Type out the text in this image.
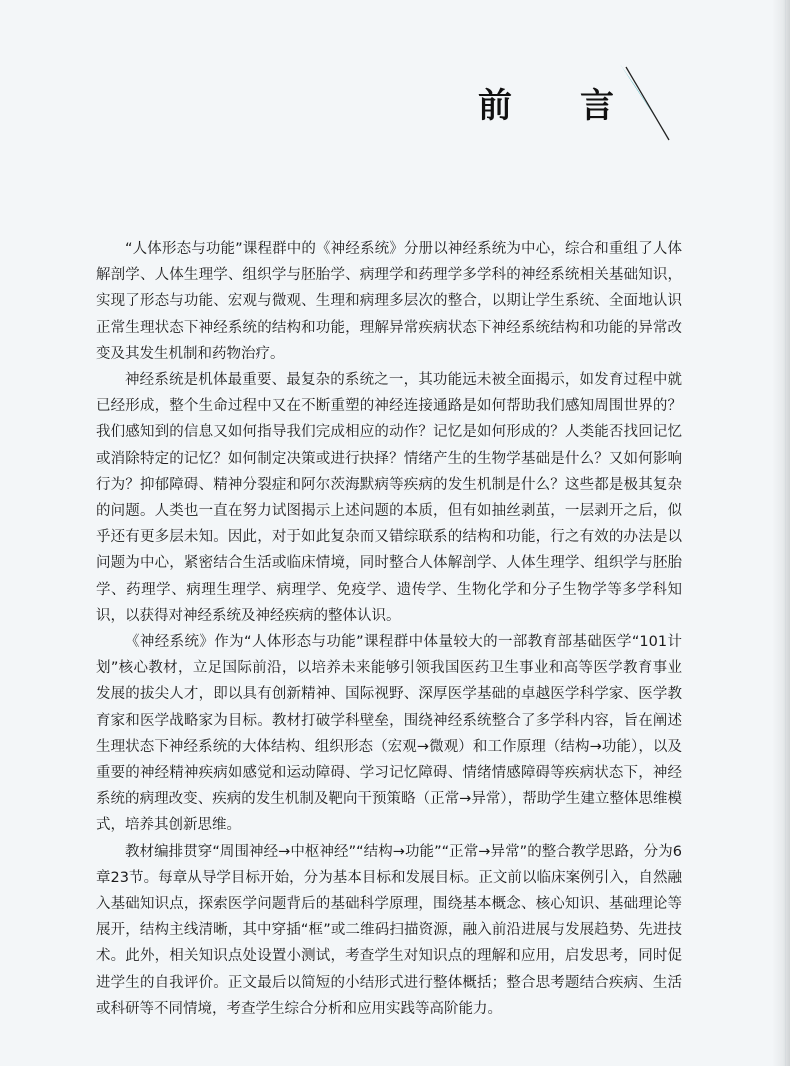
前 言

“人体形态与功能”课程群中的《神经系统》分册以神经系统为中心，综合和重组了人体解剖学、人体生理学、组织学与胚胎学、病理学和药理学多学科的神经系统相关基础知识，实现了形态与功能、宏观与微观、生理和病理多层次的整合，以期让学生系统、全面地认识正常生理状态下神经系统的结构和功能，理解异常疾病状态下神经系统结构和功能的异常改变及其发生机制和药物治疗。

神经系统是机体最重要、最复杂的系统之一，其功能远未被全面揭示，如发育过程中就已经形成，整个生命过程中又在不断重塑的神经连接通路是如何帮助我们感知周围世界的？我们感知到的信息又如何指导我们完成相应的动作？记忆是如何形成的？人类能否找回记忆或消除特定的记忆？如何制定决策或进行抉择？情绪产生的生物学基础是什么？又如何影响行为？抑郁障碍、精神分裂症和阿尔茨海默病等疾病的发生机制是什么？这些都是极其复杂的问题。人类也一直在努力试图揭示上述问题的本质，但有如抽丝剥茧，一层剥开之后，似乎还有更多层未知。因此，对于如此复杂而又错综联系的结构和功能，行之有效的办法是以问题为中心，紧密结合生活或临床情境，同时整合人体解剖学、人体生理学、组织学与胚胎学、药理学、病理生理学、病理学、免疫学、遗传学、生物化学和分子生物学等多学科知识，以获得对神经系统及神经疾病的整体认识。

《神经系统》作为“人体形态与功能”课程群中体量较大的一部教育部基础医学“101计划”核心教材，立足国际前沿，以培养未来能够引领我国医药卫生事业和高等医学教育事业发展的拔尖人才，即以具有创新精神、国际视野、深厚医学基础的卓越医学科学家、医学教育家和医学战略家为目标。教材打破学科壁垒，围绕神经系统整合了多学科内容，旨在阐述生理状态下神经系统的大体结构、组织形态（宏观→微观）和工作原理（结构→功能），以及重要的神经精神疾病如感觉和运动障碍、学习记忆障碍、情绪情感障碍等疾病状态下，神经系统的病理改变、疾病的发生机制及靶向干预策略（正常→异常），帮助学生建立整体思维模式，培养其创新思维。

教材编排贯穿“周围神经→中枢神经”“结构→功能”“正常→异常”的整合教学思路，分为6章23节。每章从导学目标开始，分为基本目标和发展目标。正文前以临床案例引入，自然融入基础知识点，探索医学问题背后的基础科学原理，围绕基本概念、核心知识、基础理论等展开，结构主线清晰，其中穿插“框”或二维码扫描资源，融入前沿进展与发展趋势、先进技术。此外，相关知识点处设置小测试，考查学生对知识点的理解和应用，启发思考，同时促进学生的自我评价。正文最后以简短的小结形式进行整体概括；整合思考题结合疾病、生活或科研等不同情境，考查学生综合分析和应用实践等高阶能力。
